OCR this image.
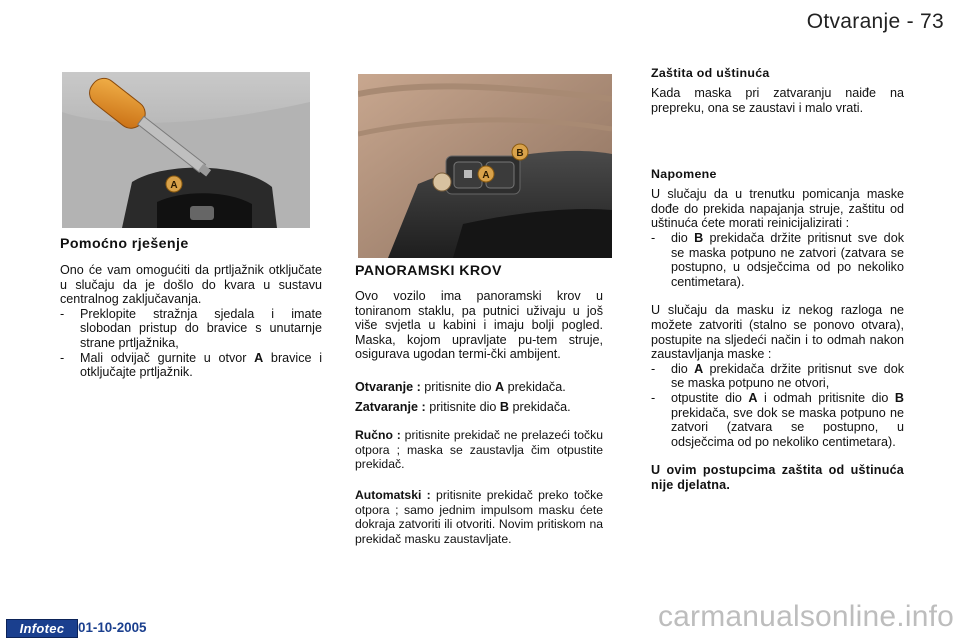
Otvaranje - 73
A
Pomoćno rješenje

Ono će vam omogućiti da prtljažnik otključate u slučaju da je došlo do kvara u sustavu centralnog zaključavanja.

- Preklopite stražnja sjedala i imate slobodan pristup do bravice s unutarnje strane prtljažnika,
- Mali odvijač gurnite u otvor A bravice i otključajte prtljažnik.
B
A
PANORAMSKI KROV

Ovo vozilo ima panoramski krov u toniranom staklu, pa putnici uživaju u još više svjetla u kabini i imaju bolji pogled. Maska, kojom upravljate pu-tem struje, osigurava ugodan termi-čki ambijent.

Otvaranje : pritisnite dio A prekidača.

Zatvaranje : pritisnite dio B prekidača.

Ručno : pritisnite prekidač ne prelazeći točku otpora ; maska se zaustavlja čim otpustite prekidač.

Automatski : pritisnite prekidač preko točke otpora ; samo jednim impulsom masku ćete dokraja zatvoriti ili otvoriti. Novim pritiskom na prekidač masku zaustavljate.

Zaštita od uštinuća

Kada maska pri zatvaranju naiđe na prepreku, ona se zaustavi i malo vrati.

Napomene

U slučaju da u trenutku pomicanja maske dođe do prekida napajanja struje, zaštitu od uštinuća ćete morati reinicijalizirati :

- dio B prekidača držite pritisnut sve dok se maska potpuno ne zatvori (zatvara se postupno, u odsječcima od po nekoliko centimetara).

U slučaju da masku iz nekog razloga ne možete zatvoriti (stalno se ponovo otvara), postupite na sljedeći način i to odmah nakon zaustavljanja maske :

- dio A prekidača držite pritisnut sve dok se maska potpuno ne otvori,
- otpustite dio A i odmah pritisnite dio B prekidača, sve dok se maska potpuno ne zatvori (zatvara se postupno, u odsječcima od po nekoliko centimetara).

U ovim postupcima zaštita od uštinuća nije djelatna.

Infotec	01-10-2005	carmanualsonline.info
